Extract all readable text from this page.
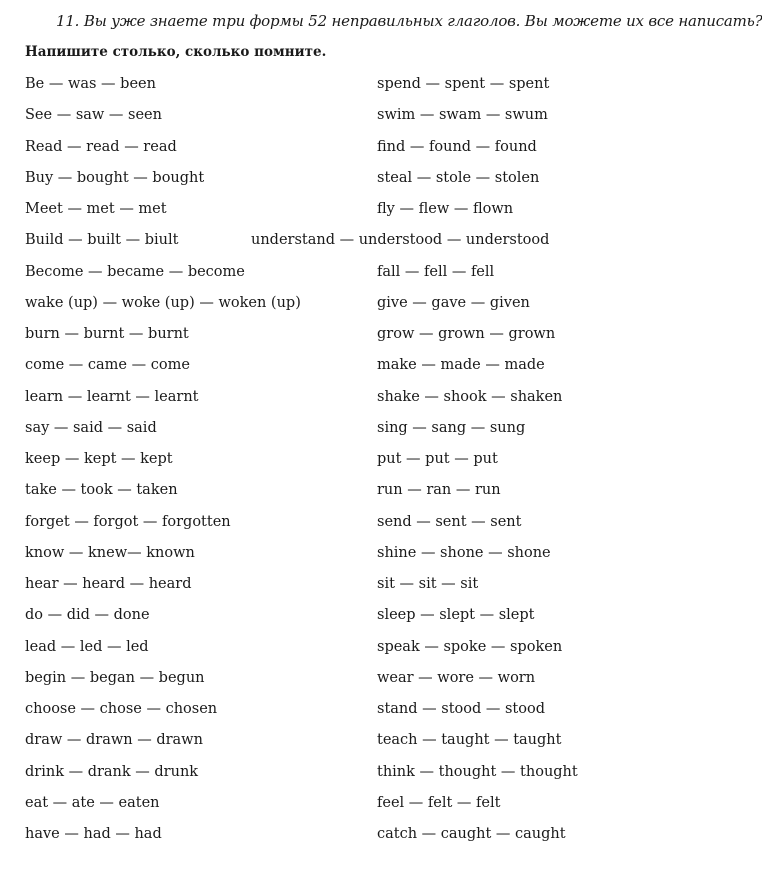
11. Вы уже знаете три формы 52 неправильных глаголов. Вы можете их все написать?
Напишите столько, сколько помните.
Be — was — been
See — saw — seen
Read — read — read
Buy — bought — bought
Meet — met — met
Build — built — biult
Become — became — become
wake (up) — woke (up) — woken (up)
burn — burnt — burnt
come — came — come
learn — learnt — learnt
say — said — said
keep — kept — kept
take — took — taken
forget — forgot — forgotten
know — knew— known
hear — heard — heard
do — did — done
lead — led — led
begin — began — begun
choose — chose — chosen
draw — drawn — drawn
drink — drank — drunk
eat — ate — eaten
have — had — had
understand — understood — understood
spend — spent — spent
swim — swam — swum
find — found — found
steal — stole — stolen
fly — flew — flown
fall — fell — fell
give — gave — given
grow — grown — grown
make — made — made
shake — shook — shaken
sing — sang — sung
put — put — put
run — ran — run
send — sent — sent
shine — shone — shone
sit — sit — sit
sleep — slept — slept
speak — spoke — spoken
wear — wore — worn
stand — stood — stood
teach — taught — taught
think — thought — thought
feel — felt — felt
catch — caught — caught
